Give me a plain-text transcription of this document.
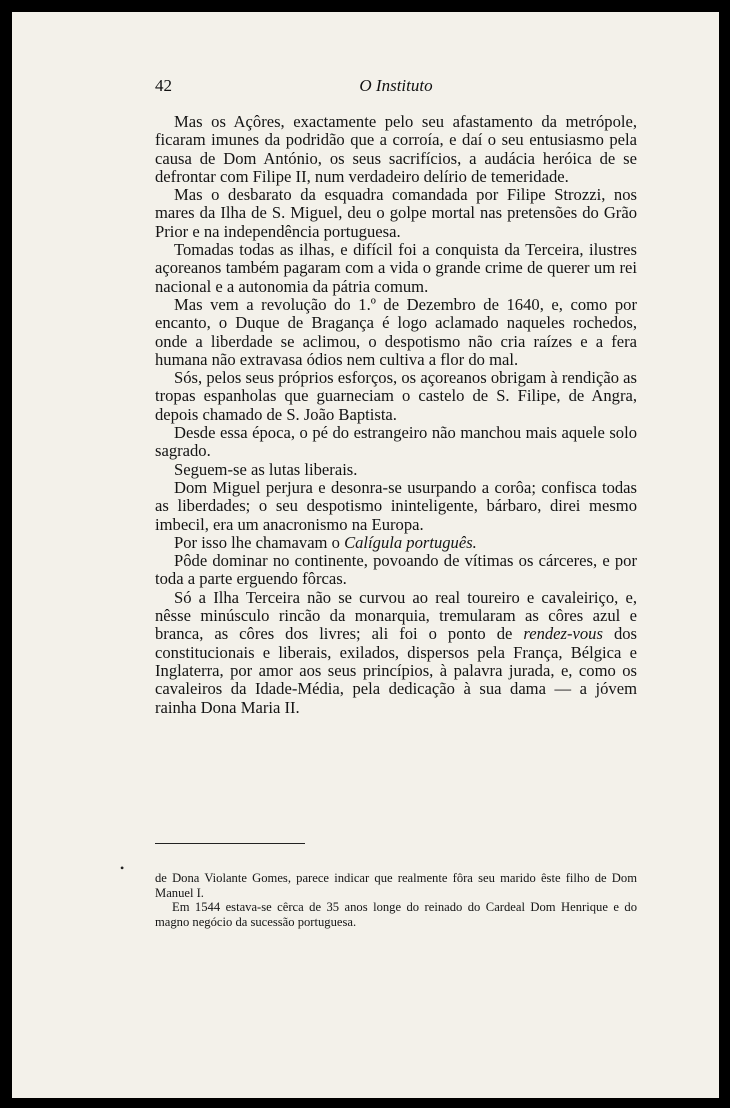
42	O Instituto

Mas os Açôres, exactamente pelo seu afastamento da metrópole, ficaram imunes da podridão que a corroía, e daí o seu entusiasmo pela causa de Dom António, os seus sacrifícios, a audácia heróica de se defrontar com Filipe II, num verdadeiro delírio de temeridade.

Mas o desbarato da esquadra comandada por Filipe Strozzi, nos mares da Ilha de S. Miguel, deu o golpe mortal nas pretensões do Grão Prior e na independência portuguesa.

Tomadas todas as ilhas, e difícil foi a conquista da Terceira, ilustres açoreanos também pagaram com a vida o grande crime de querer um rei nacional e a autonomia da pátria comum.

Mas vem a revolução do 1.º de Dezembro de 1640, e, como por encanto, o Duque de Bragança é logo aclamado naqueles rochedos, onde a liberdade se aclimou, o despotismo não cria raízes e a fera humana não extravasa ódios nem cultiva a flor do mal.

Sós, pelos seus próprios esforços, os açoreanos obrigam à rendição as tropas espanholas que guarneciam o castelo de S. Filipe, de Angra, depois chamado de S. João Baptista.

Desde essa época, o pé do estrangeiro não manchou mais aquele solo sagrado.

Seguem-se as lutas liberais.

Dom Miguel perjura e desonra-se usurpando a corôa; confisca todas as liberdades; o seu despotismo ininteligente, bárbaro, direi mesmo imbecil, era um anacronismo na Europa.

Por isso lhe chamavam o Calígula português.

Pôde dominar no continente, povoando de vítimas os cárceres, e por toda a parte erguendo fôrcas.

Só a Ilha Terceira não se curvou ao real toureiro e cavaleiriço, e, nêsse minúsculo rincão da monarquia, tremularam as côres azul e branca, as côres dos livres; ali foi o ponto de rendez-vous dos constitucionais e liberais, exilados, dispersos pela França, Bélgica e Inglaterra, por amor aos seus princípios, à palavra jurada, e, como os cavaleiros da Idade-Média, pela dedicação à sua dama — a jóvem rainha Dona Maria II.

•

de Dona Violante Gomes, parece indicar que realmente fôra seu marido êste filho de Dom Manuel I.

Em 1544 estava-se cêrca de 35 anos longe do reinado do Cardeal Dom Henrique e do magno negócio da sucessão portuguesa.
